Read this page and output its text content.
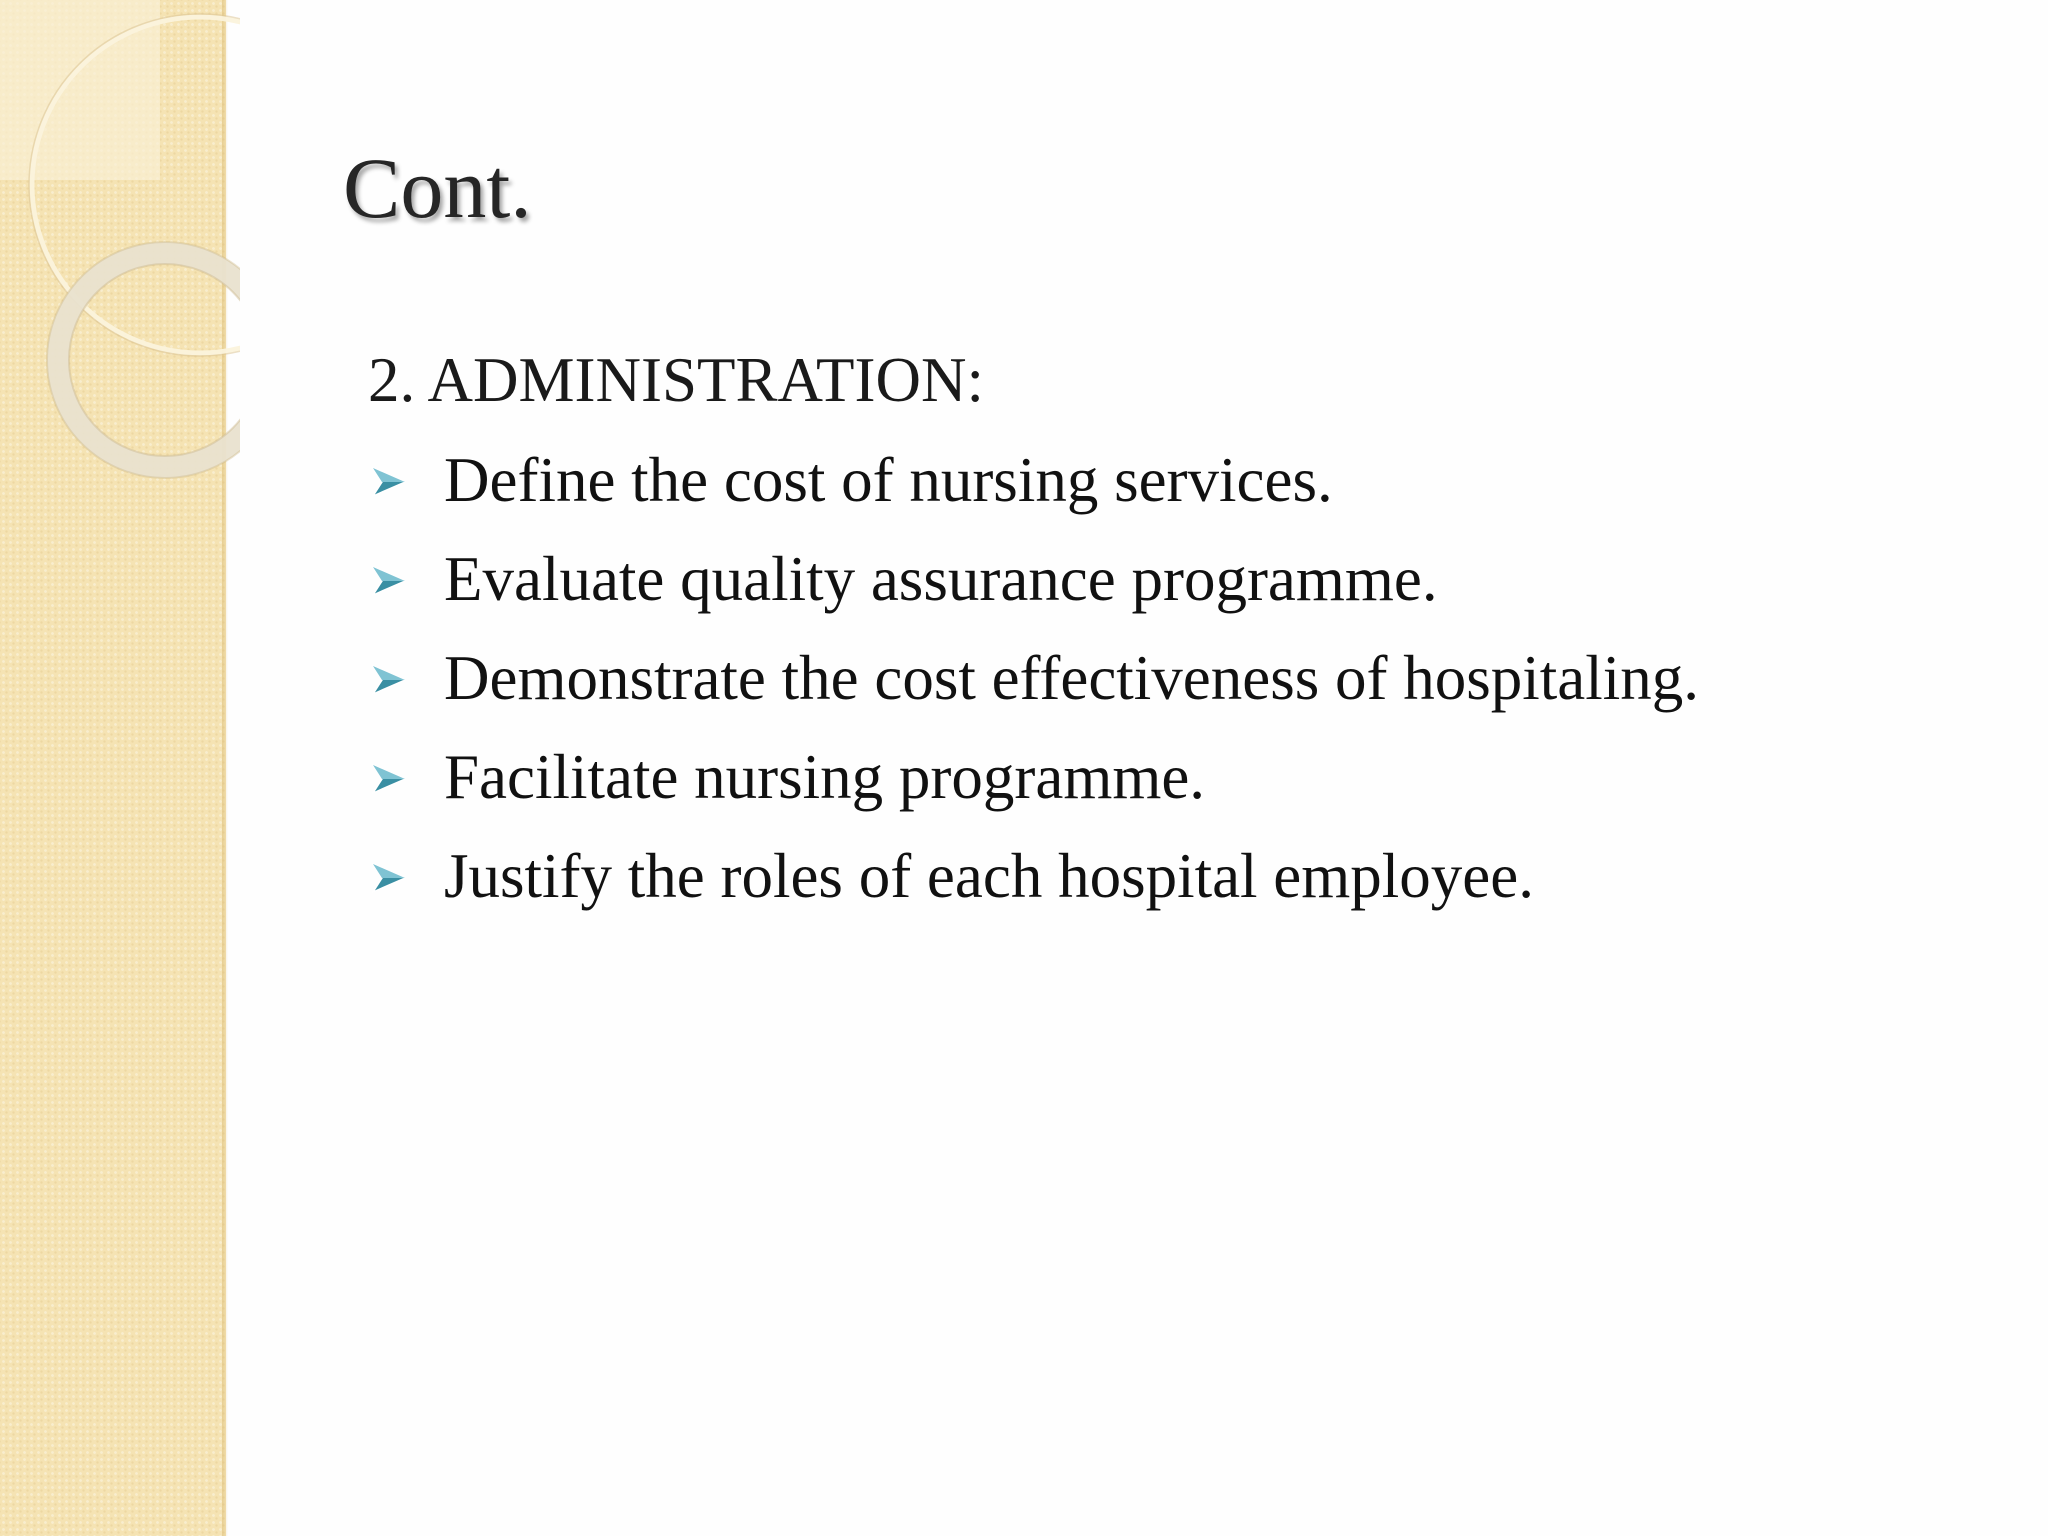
Cont.
2. ADMINISTRATION:
Define the cost of nursing services.
Evaluate quality assurance programme.
Demonstrate the cost effectiveness of hospitaling.
Facilitate nursing programme.
Justify the roles of each hospital employee.
